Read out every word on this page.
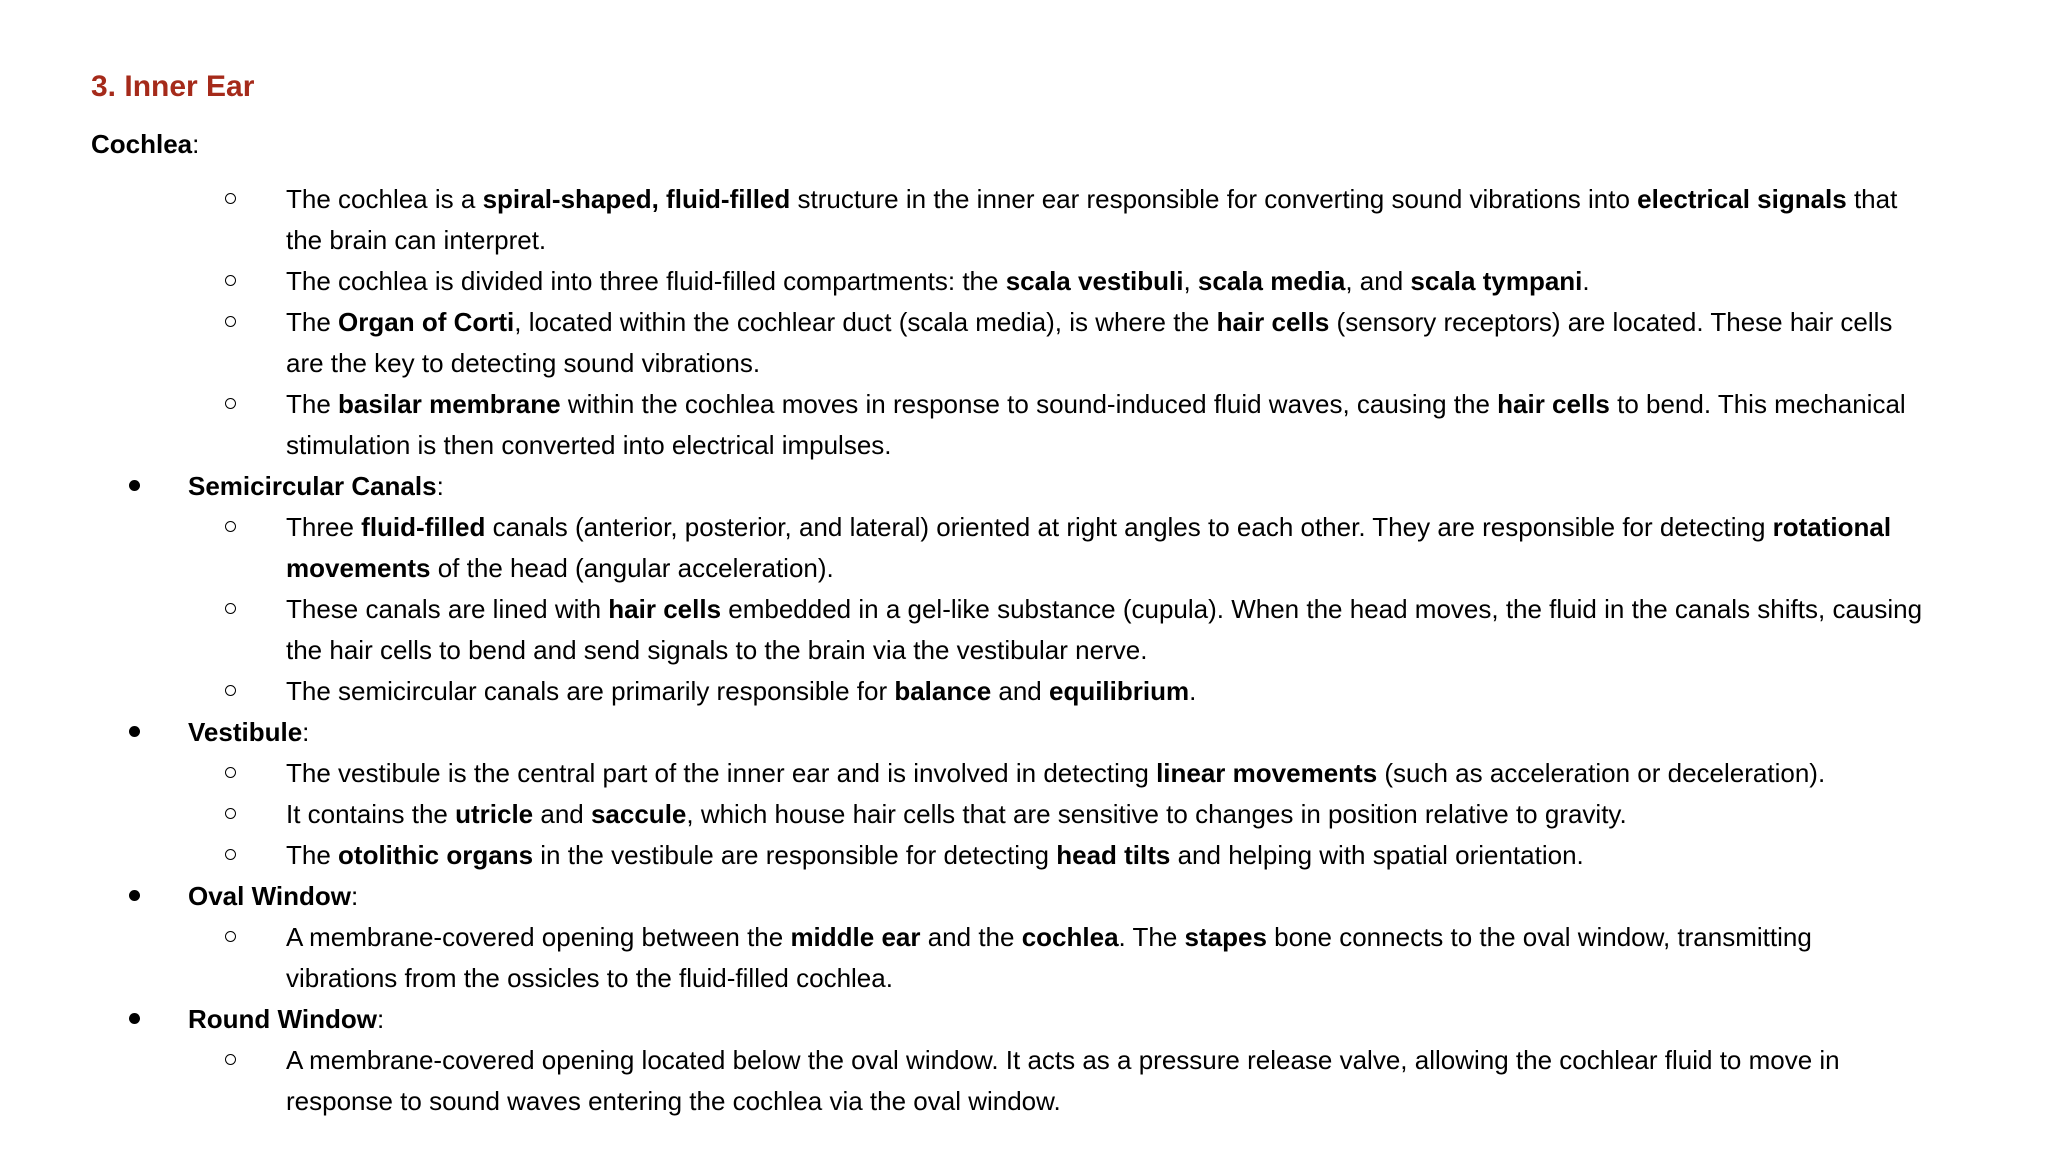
3. Inner Ear
Cochlea:
The cochlea is a spiral-shaped, fluid-filled structure in the inner ear responsible for converting sound vibrations into electrical signals that
the brain can interpret.
The cochlea is divided into three fluid-filled compartments: the scala vestibuli, scala media, and scala tympani.
The Organ of Corti, located within the cochlear duct (scala media), is where the hair cells (sensory receptors) are located. These hair cells
are the key to detecting sound vibrations.
The basilar membrane within the cochlea moves in response to sound-induced fluid waves, causing the hair cells to bend. This mechanical
stimulation is then converted into electrical impulses.
Semicircular Canals:
Three fluid-filled canals (anterior, posterior, and lateral) oriented at right angles to each other. They are responsible for detecting rotational
movements of the head (angular acceleration).
These canals are lined with hair cells embedded in a gel-like substance (cupula). When the head moves, the fluid in the canals shifts, causing
the hair cells to bend and send signals to the brain via the vestibular nerve.
The semicircular canals are primarily responsible for balance and equilibrium.
Vestibule:
The vestibule is the central part of the inner ear and is involved in detecting linear movements (such as acceleration or deceleration).
It contains the utricle and saccule, which house hair cells that are sensitive to changes in position relative to gravity.
The otolithic organs in the vestibule are responsible for detecting head tilts and helping with spatial orientation.
Oval Window:
A membrane-covered opening between the middle ear and the cochlea. The stapes bone connects to the oval window, transmitting
vibrations from the ossicles to the fluid-filled cochlea.
Round Window:
A membrane-covered opening located below the oval window. It acts as a pressure release valve, allowing the cochlear fluid to move in
response to sound waves entering the cochlea via the oval window.
